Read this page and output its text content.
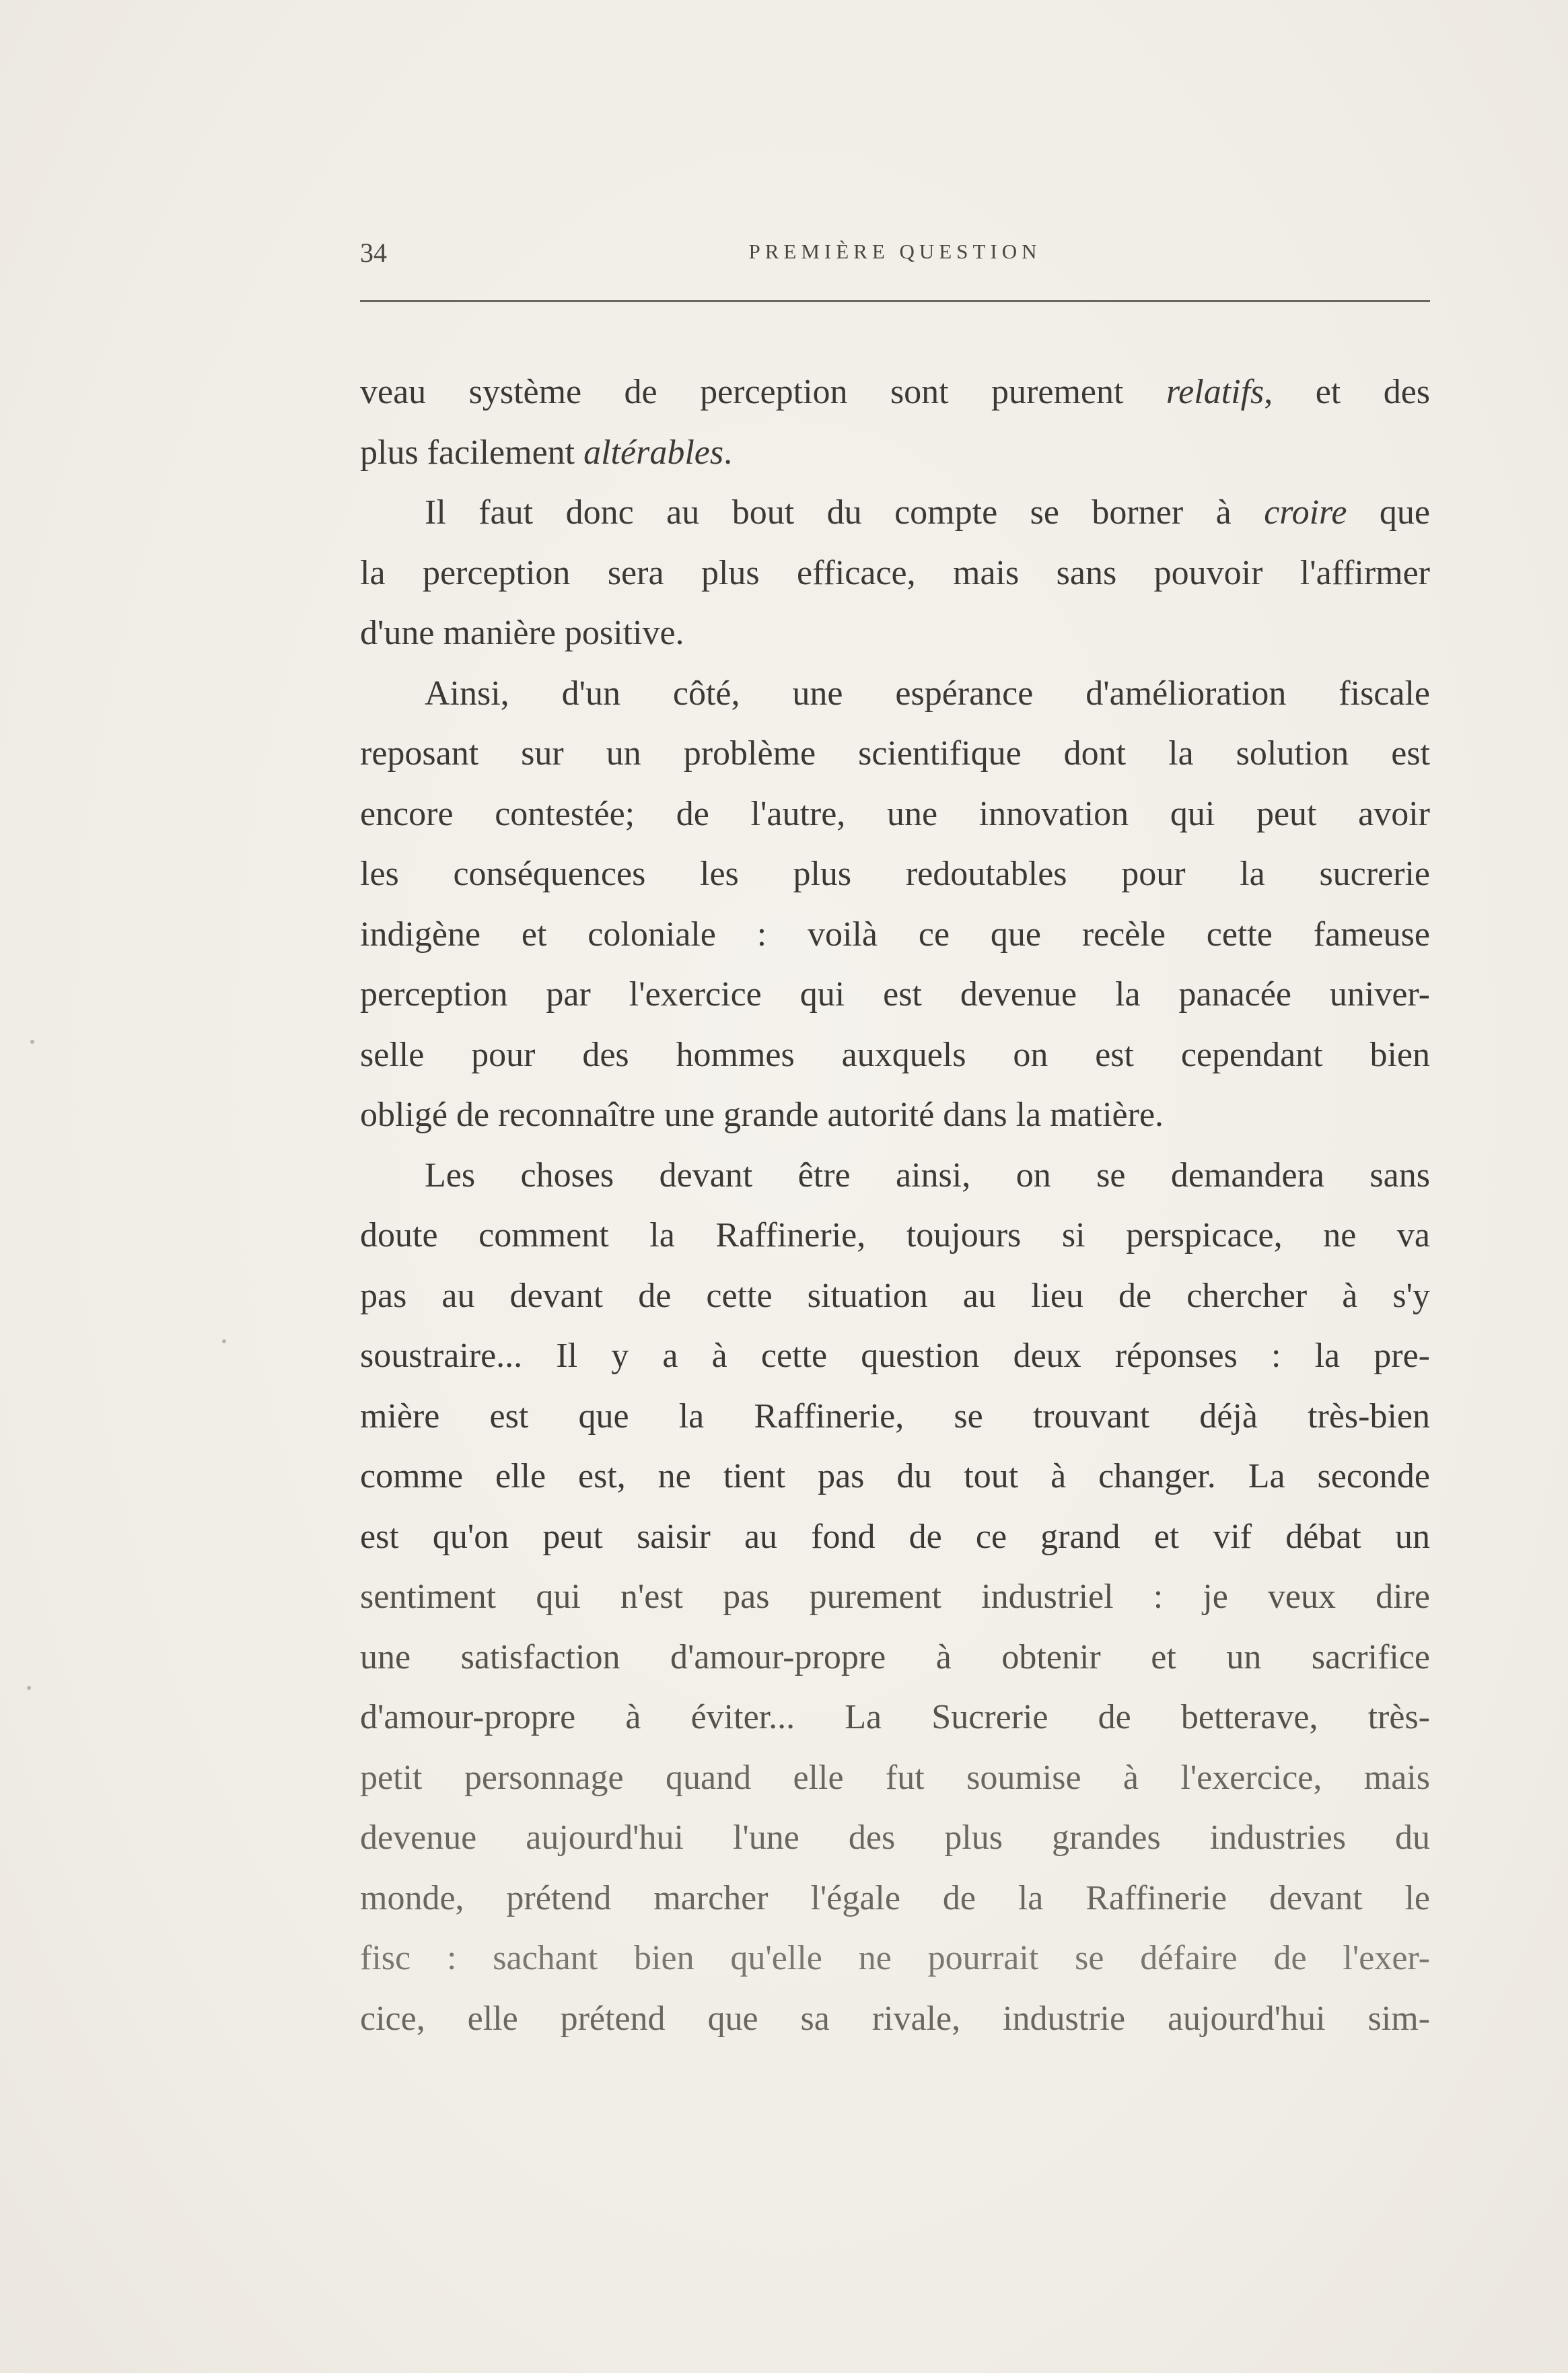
34	PREMIÈRE QUESTION
veau système de perception sont purement relatifs, et des
plus facilement altérables.
Il faut donc au bout du compte se borner à croire que
la perception sera plus efficace, mais sans pouvoir l'affirmer
d'une manière positive.
Ainsi, d'un côté, une espérance d'amélioration fiscale
reposant sur un problème scientifique dont la solution est
encore contestée; de l'autre, une innovation qui peut avoir
les conséquences les plus redoutables pour la sucrerie
indigène et coloniale : voilà ce que recèle cette fameuse
perception par l'exercice qui est devenue la panacée univer-
selle pour des hommes auxquels on est cependant bien
obligé de reconnaître une grande autorité dans la matière.
Les choses devant être ainsi, on se demandera sans
doute comment la Raffinerie, toujours si perspicace, ne va
pas au devant de cette situation au lieu de chercher à s'y
soustraire... Il y a à cette question deux réponses : la pre-
mière est que la Raffinerie, se trouvant déjà très-bien
comme elle est, ne tient pas du tout à changer. La seconde
est qu'on peut saisir au fond de ce grand et vif débat un
sentiment qui n'est pas purement industriel : je veux dire
une satisfaction d'amour-propre à obtenir et un sacrifice
d'amour-propre à éviter... La Sucrerie de betterave, très-
petit personnage quand elle fut soumise à l'exercice, mais
devenue aujourd'hui l'une des plus grandes industries du
monde, prétend marcher l'égale de la Raffinerie devant le
fisc : sachant bien qu'elle ne pourrait se défaire de l'exer-
cice, elle prétend que sa rivale, industrie aujourd'hui sim-
